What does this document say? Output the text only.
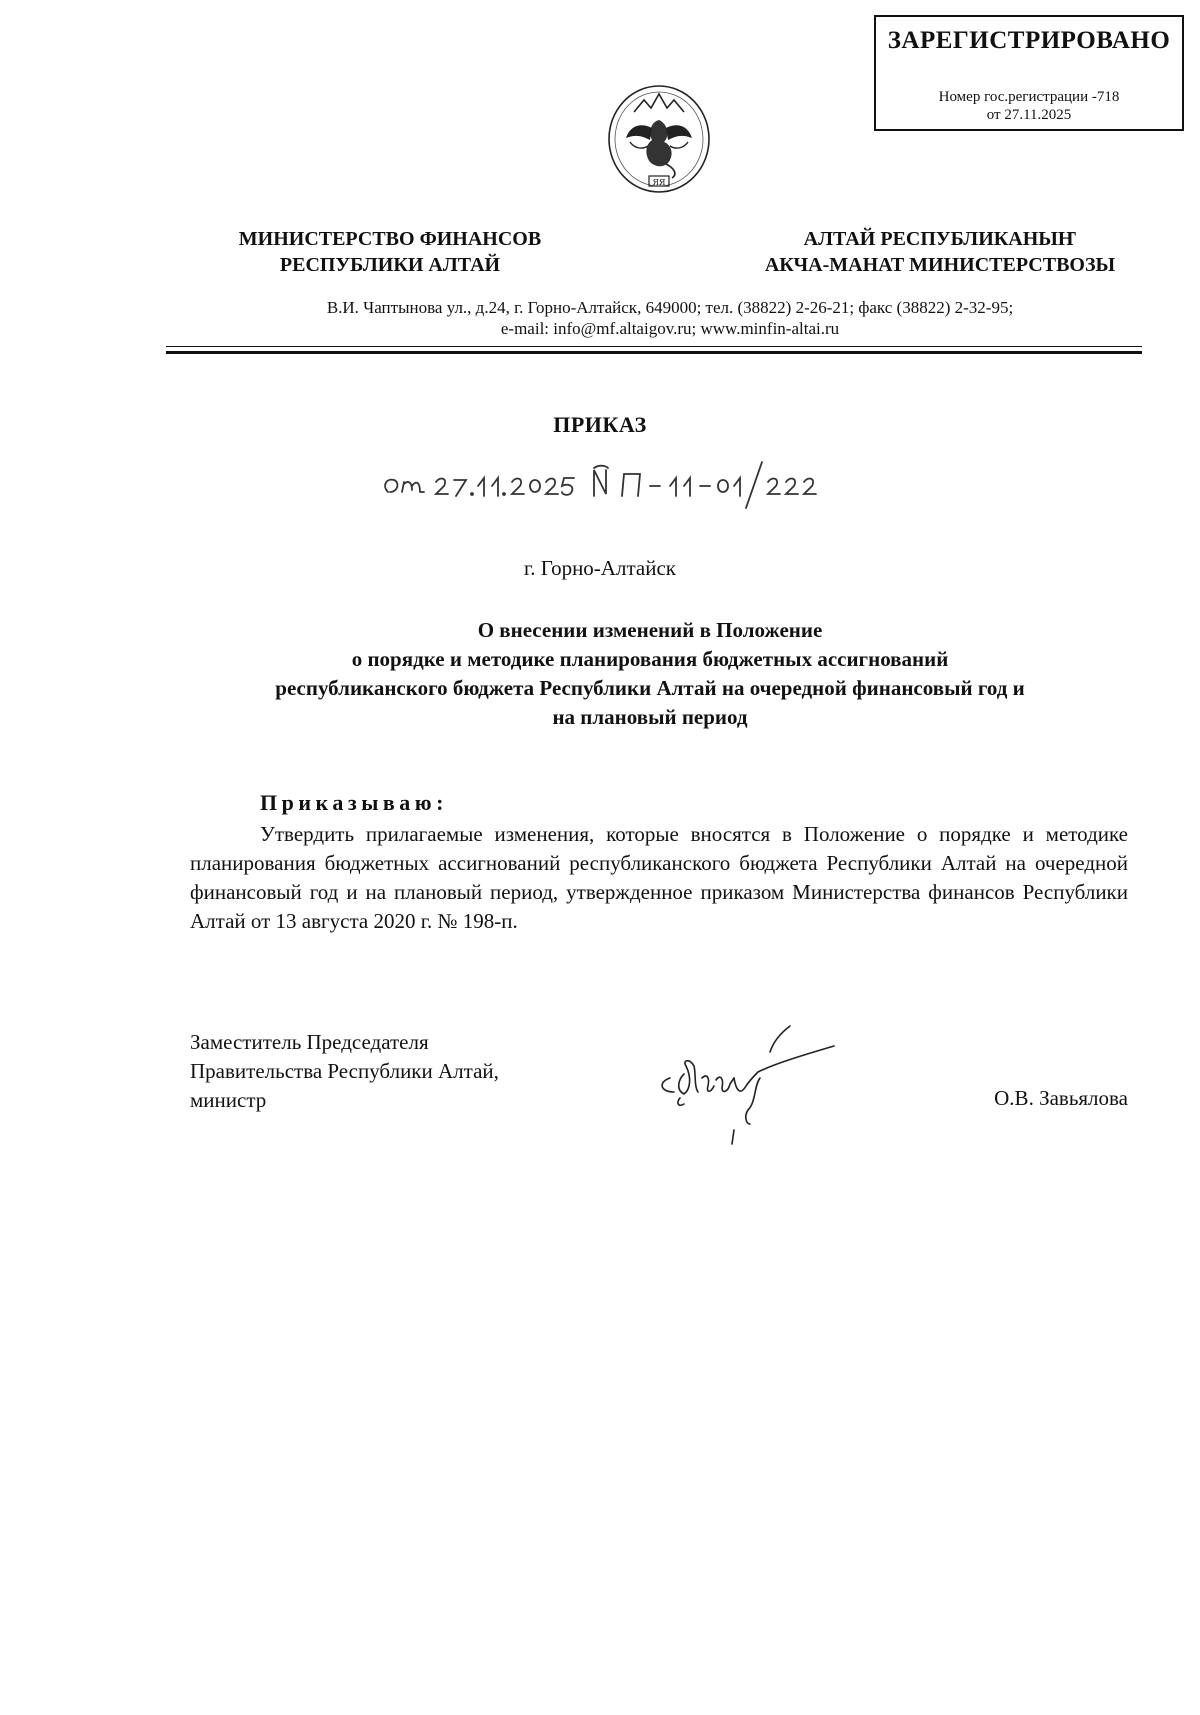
ЗАРЕГИСТРИРОВАНО
Номер гос.регистрации -718
от 27.11.2025
ЯЯ
МИНИСТЕРСТВО ФИНАНСОВ
РЕСПУБЛИКИ АЛТАЙ
АЛТАЙ РЕСПУБЛИКАНЫҤ
АКЧА-МАНАТ МИНИСТЕРСТВОЗЫ
В.И. Чаптынова ул., д.24, г. Горно-Алтайск, 649000; тел. (38822) 2-26-21; факс (38822) 2-32-95;
e-mail: info@mf.altaigov.ru; www.minfin-altai.ru
ПРИКАЗ
г. Горно-Алтайск
О внесении изменений в Положение
о порядке и методике планирования бюджетных ассигнований
республиканского бюджета Республики Алтай на очередной финансовый год и
на плановый период
Приказываю:
Утвердить прилагаемые изменения, которые вносятся в Положение о порядке и методике планирования бюджетных ассигнований республиканского бюджета Республики Алтай на очередной финансовый год и на плановый период, утвержденное приказом Министерства финансов Республики Алтай от 13 августа 2020 г. № 198-п.
Заместитель Председателя
Правительства Республики Алтай,
министр	О.В. Завьялова
